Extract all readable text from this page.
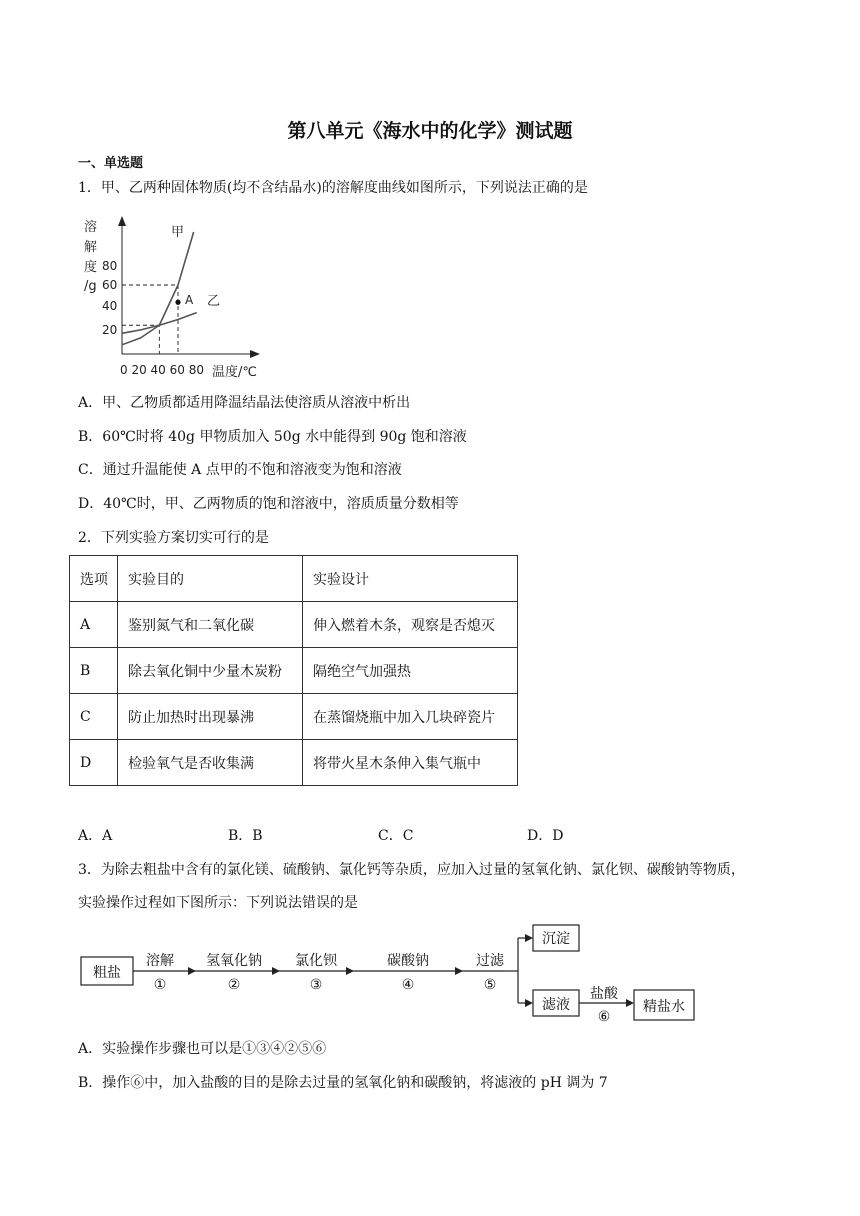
第八单元《海水中的化学》测试题
一、单选题
1．甲、乙两种固体物质(均不含结晶水)的溶解度曲线如图所示，下列说法正确的是
溶
解
度
/g
80
60
40
20
0 20 40 60 80 温度/℃
甲
乙
A
A．甲、乙物质都适用降温结晶法使溶质从溶液中析出
B．60℃时将 40g 甲物质加入 50g 水中能得到 90g 饱和溶液
C．通过升温能使 A 点甲的不饱和溶液变为饱和溶液
D．40℃时，甲、乙两物质的饱和溶液中，溶质质量分数相等
2．下列实验方案切实可行的是
选项	实验目的	实验设计
A	鉴别氮气和二氧化碳	伸入燃着木条，观察是否熄灭
B	除去氧化铜中少量木炭粉	隔绝空气加强热
C	防止加热时出现暴沸	在蒸馏烧瓶中加入几块碎瓷片
D	检验氧气是否收集满	将带火星木条伸入集气瓶中
A．A	B．B	C．C	D．D
3．为除去粗盐中含有的氯化镁、硫酸钠、氯化钙等杂质，应加入过量的氢氧化钠、氯化钡、碳酸钠等物质，
实验操作过程如下图所示：下列说法错误的是
粗盐
溶解
①
氢氧化钠
②
氯化钡
③
碳酸钠
④
过滤
⑤
沉淀
滤液
盐酸
⑥
精盐水
A．实验操作步骤也可以是①③④②⑤⑥
B．操作⑥中，加入盐酸的目的是除去过量的氢氧化钠和碳酸钠，将滤液的 pH 调为 7
